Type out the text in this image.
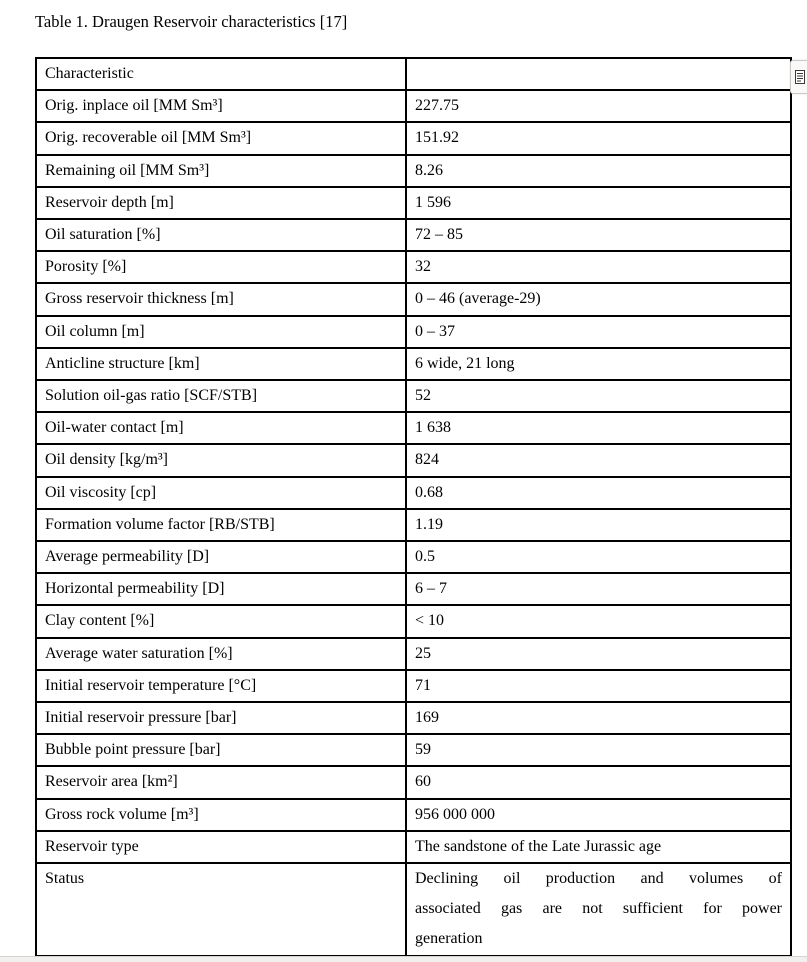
Table 1. Draugen Reservoir characteristics [17]
Characteristic	
Orig. inplace oil [MM Sm³]	227.75
Orig. recoverable oil [MM Sm³]	151.92
Remaining oil [MM Sm³]	8.26
Reservoir depth [m]	1 596
Oil saturation [%]	72 – 85
Porosity [%]	32
Gross reservoir thickness [m]	0 – 46 (average-29)
Oil column [m]	0 – 37
Anticline structure [km]	6 wide, 21 long
Solution oil-gas ratio [SCF/STB]	52
Oil-water contact [m]	1 638
Oil density [kg/m³]	824
Oil viscosity [cp]	0.68
Formation volume factor [RB/STB]	1.19
Average permeability [D]	0.5
Horizontal permeability [D]	6 – 7
Clay content [%]	< 10
Average water saturation [%]	25
Initial reservoir temperature [°C]	71
Initial reservoir pressure [bar]	169
Bubble point pressure [bar]	59
Reservoir area [km²]	60
Gross rock volume [m³]	956 000 000
Reservoir type	The sandstone of the Late Jurassic age
Status	Declining oil production and volumes of
associated gas are not sufficient for power
generation
